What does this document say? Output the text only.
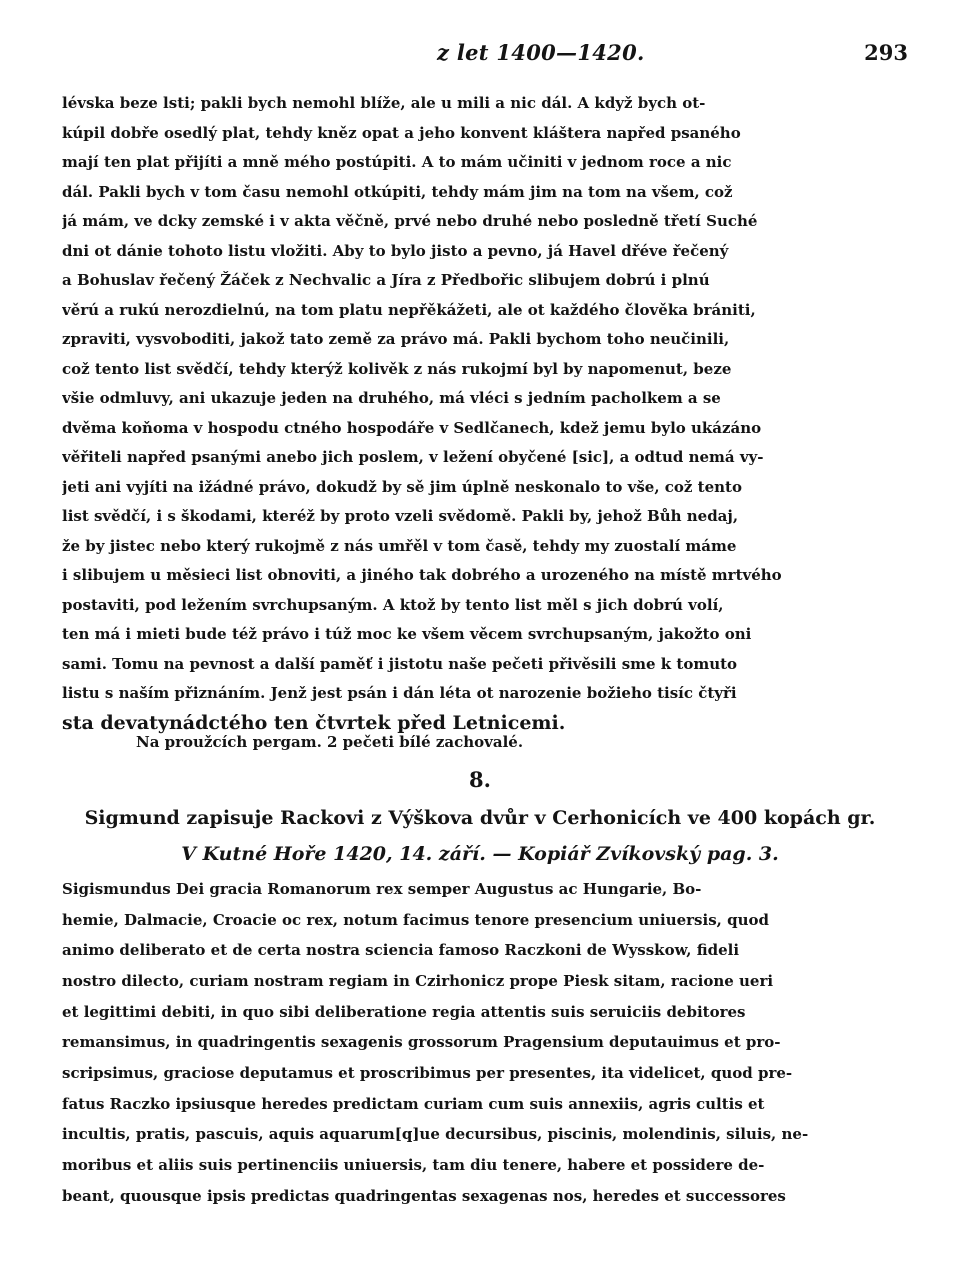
z let 1400—1420.	293
lévska beze lsti; pakli bych nemohl blíže, ale u mili a nic dál. A když bych ot-
kúpil dobře osedlý plat, tehdy kněz opat a jeho konvent kláštera napřed psaného
mají ten plat přijíti a mně mého postúpiti. A to mám učiniti v jednom roce a nic
dál. Pakli bych v tom času nemohl otkúpiti, tehdy mám jim na tom na všem, což
já mám, ve dcky zemské i v akta věčně, prvé nebo druhé nebo posledně třetí Suché
dni ot dánie tohoto listu vložiti. Aby to bylo jisto a pevno, já Havel dřéve řečený
a Bohuslav řečený Žáček z Nechvalic a Jíra z Předbořic slibujem dobrú i plnú
věrú a rukú nerozdielnú, na tom platu nepřěkážeti, ale ot každého člověka brániti,
zpraviti, vysvoboditi, jakož tato země za právo má. Pakli bychom toho neučinili,
což tento list svědčí, tehdy kterýž kolivěk z nás rukojmí byl by napomenut, beze
všie odmluvy, ani ukazuje jeden na druhého, má vléci s jedním pacholkem a se
dvěma koňoma v hospodu ctného hospodáře v Sedlčanech, kdež jemu bylo ukázáno
věřiteli napřed psanými anebo jich poslem, v ležení obyčené [sic], a odtud nemá vy-
jeti ani vyjíti na ižádné právo, dokudž by sě jim úplně neskonalo to vše, což tento
list svědčí, i s škodami, kteréž by proto vzeli svědomě. Pakli by, jehož Bůh nedaj,
že by jistec nebo který rukojmě z nás umřěl v tom časě, tehdy my zuostalí máme
i slibujem u měsieci list obnoviti, a jiného tak dobrého a urozeného na místě mrtvého
postaviti, pod ležením svrchupsaným. A ktož by tento list měl s jich dobrú volí,
ten má i mieti bude též právo i túž moc ke všem věcem svrchupsaným, jakožto oni
sami. Tomu na pevnost a další paměť i jistotu naše pečeti přivěsili sme k tomuto
listu s naším přiznáním. Jenž jest psán i dán léta ot narozenie božieho tisíc čtyři
sta devatynádctého ten čtvrtek před Letnicemi.
Na proužcích pergam. 2 pečeti bílé zachovalé.
8.
Sigmund zapisuje Rackovi z Výškova dvůr v Cerhonicích ve 400 kopách gr.
V Kutné Hoře 1420, 14. září. — Kopiář Zvíkovský pag. 3.
Sigismundus Dei gracia Romanorum rex semper Augustus ac Hungarie, Bo-
hemie, Dalmacie, Croacie oc rex, notum facimus tenore presencium uniuersis, quod
animo deliberato et de certa nostra sciencia famoso Raczkoni de Wysskow, fideli
nostro dilecto, curiam nostram regiam in Czirhonicz prope Piesk sitam, racione ueri
et legittimi debiti, in quo sibi deliberatione regia attentis suis seruiciis debitores
remansimus, in quadringentis sexagenis grossorum Pragensium deputauimus et pro-
scripsimus, graciose deputamus et proscribimus per presentes, ita videlicet, quod pre-
fatus Raczko ipsiusque heredes predictam curiam cum suis annexiis, agris cultis et
incultis, pratis, pascuis, aquis aquarum[q]ue decursibus, piscinis, molendinis, siluis, ne-
moribus et aliis suis pertinenciis uniuersis, tam diu tenere, habere et possidere de-
beant, quousque ipsis predictas quadringentas sexagenas nos, heredes et successores
